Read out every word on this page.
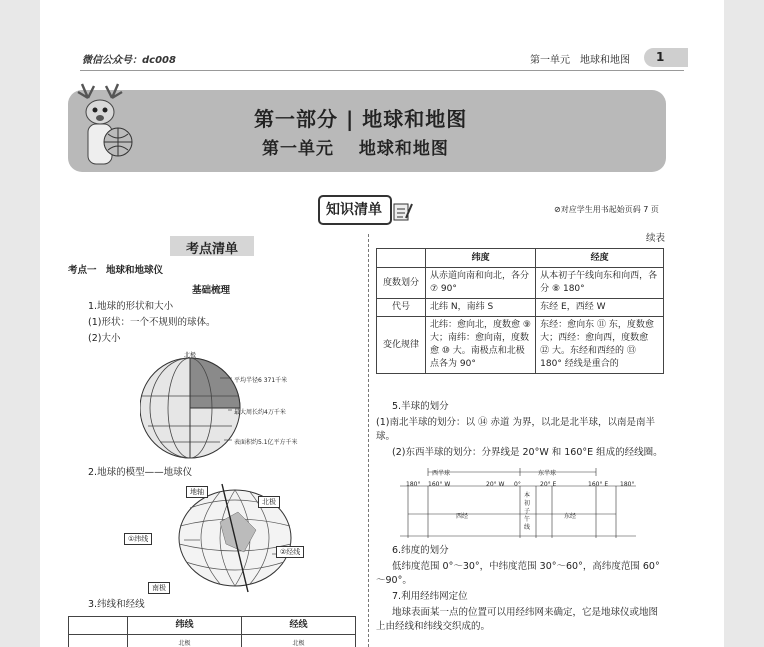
微信公众号：dc008	第一单元　地球和地图 1
第一部分 | 地球和地图
第一单元　 地球和地图
知识清单	⊘对应学生用书起始页码 7 页
考点清单
考点一　地球和地球仪
基础梳理
1.地球的形状和大小
(1)形状：一个不规则的球体。
(2)大小
北极
平均半径6 371千米
最大周长约4万千米
表面积约5.1亿平方千米
2.地球的模型——地球仪
地轴
北极
①纬线
②经线
南极
3.纬线和经线
	纬线	经线
	北极	北极
续表
	纬度	经度
度数划分	从赤道向南和向北，各分 ⑦ 90°	从本初子午线向东和向西，各分 ⑧ 180°
代号	北纬 N，南纬 S	东经 E，西经 W
变化规律	北纬：愈向北，度数愈 ⑨ 大；南纬：愈向南，度数愈 ⑩ 大。南极点和北极点各为 90°	东经：愈向东 ⑪ 东，度数愈大；西经：愈向西，度数愈 ⑫ 大。东经和西经的 ⑬ 180° 经线是重合的
5.半球的划分
(1)南北半球的划分：以 ⑭ 赤道 为界，以北是北半球，以南是南半球。
(2)东西半球的划分：分界线是 20°W 和 160°E 组成的经线圈。
西半球	东半球
180° 160° W	20° W 0°	20° E	160° E 180°
西经	东经
本初子午线
6.纬度的划分
低纬度范围 0°～30°，中纬度范围 30°～60°，高纬度范围 60°～90°。
7.利用经纬网定位
地球表面某一点的位置可以用经纬网来确定，它是地球仪或地图上由经线和纬线交织成的。
